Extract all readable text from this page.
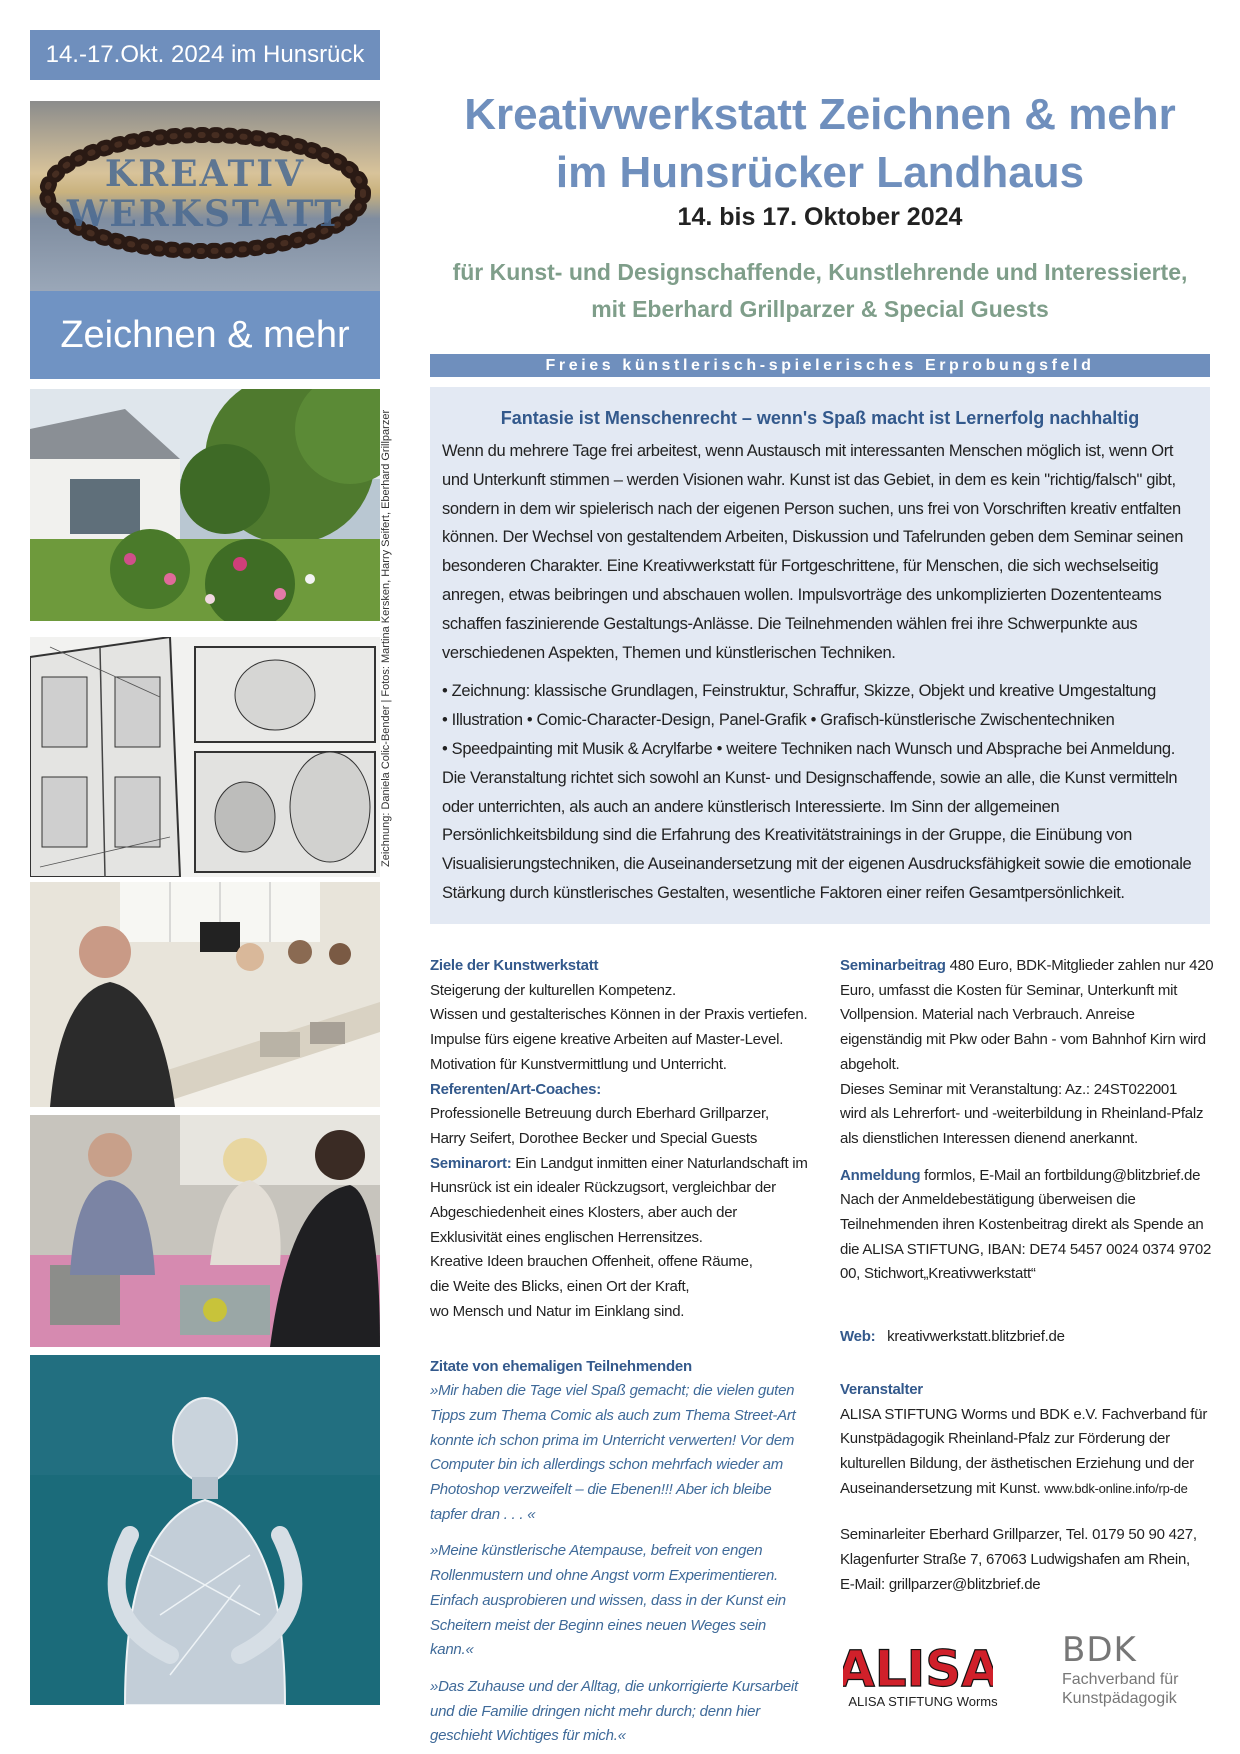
14.-17.Okt. 2024 im Hunsrück
KREATIV
WERKSTATT
Zeichnen & mehr
Zeichnung: Daniela Colic-Bender | Fotos: Martina Kersken, Harry Seifert, Eberhard Grillparzer
Kreativwerkstatt Zeichnen & mehr
im Hunsrücker Landhaus
14. bis 17. Oktober 2024
für Kunst- und Designschaffende, Kunstlehrende und Interessierte,
mit Eberhard Grillparzer & Special Guests
Freies künstlerisch-spielerisches Erprobungsfeld
Fantasie ist Menschenrecht – wenn's Spaß macht ist Lernerfolg nachhaltig

Wenn du mehrere Tage frei arbeitest, wenn Austausch mit interessanten Menschen möglich ist, wenn Ort und Unterkunft stimmen – werden Visionen wahr. Kunst ist das Gebiet, in dem es kein "richtig/falsch" gibt, sondern in dem wir spielerisch nach der eigenen Person suchen, uns frei von Vorschriften kreativ entfalten können. Der Wechsel von gestaltendem Arbeiten, Diskussion und Tafelrunden geben dem Seminar seinen besonderen Charakter. Eine Kreativwerkstatt für Fortgeschrittene, für Menschen, die sich wechselseitig anregen, etwas beibringen und abschauen wollen. Impulsvorträge des unkomplizierten Dozententeams schaffen faszinierende Gestaltungs-Anlässe. Die Teilnehmenden wählen frei ihre Schwerpunkte aus verschiedenen Aspekten, Themen und künstlerischen Techniken.

• Zeichnung: klassische Grundlagen, Feinstruktur, Schraffur, Skizze, Objekt und kreative Umgestaltung

• Illustration • Comic-Character-Design, Panel-Grafik • Grafisch-künstlerische Zwischentechniken

• Speedpainting mit Musik & Acrylfarbe • weitere Techniken nach Wunsch und Absprache bei Anmeldung.

Die Veranstaltung richtet sich sowohl an Kunst- und Designschaffende, sowie an alle, die Kunst vermitteln oder unterrichten, als auch an andere künstlerisch Interessierte. Im Sinn der allgemeinen Persönlichkeitsbildung sind die Erfahrung des Kreativitätstrainings in der Gruppe, die Einübung von Visualisierungstechniken, die Auseinandersetzung mit der eigenen Ausdrucksfähigkeit sowie die emotionale Stärkung durch künstlerisches Gestalten, wesentliche Faktoren einer reifen Gesamtpersönlichkeit.

Ziele der Kunstwerkstatt

Steigerung der kulturellen Kompetenz.

Wissen und gestalterisches Können in der Praxis vertiefen.

Impulse fürs eigene kreative Arbeiten auf Master-Level.

Motivation für Kunstvermittlung und Unterricht.

Referenten/Art-Coaches:

Professionelle Betreuung durch Eberhard Grillparzer,

Harry Seifert, Dorothee Becker und Special Guests

Seminarort: Ein Landgut inmitten einer Naturlandschaft im Hunsrück ist ein idealer Rückzugsort, vergleichbar der Abgeschiedenheit eines Klosters, aber auch der Exklusivität eines englischen Herrensitzes.

Kreative Ideen brauchen Offenheit, offene Räume,

die Weite des Blicks, einen Ort der Kraft,

wo Mensch und Natur im Einklang sind.

Zitate von ehemaligen Teilnehmenden

»Mir haben die Tage viel Spaß gemacht; die vielen guten Tipps zum Thema Comic als auch zum Thema Street-Art konnte ich schon prima im Unterricht verwerten! Vor dem Computer bin ich allerdings schon mehrfach wieder am Photoshop verzweifelt – die Ebenen!!! Aber ich bleibe tapfer dran . . . «

»Meine künstlerische Atempause, befreit von engen Rollenmustern und ohne Angst vorm Experimentieren. Einfach ausprobieren und wissen, dass in der Kunst ein Scheitern meist der Beginn eines neuen Weges sein kann.«

»Das Zuhause und der Alltag, die unkorrigierte Kursarbeit und die Familie dringen nicht mehr durch; denn hier geschieht Wichtiges für mich.«

Seminarbeitrag 480 Euro, BDK-Mitglieder zahlen nur 420 Euro, umfasst die Kosten für Seminar, Unterkunft mit Vollpension. Material nach Verbrauch. Anreise eigenständig mit Pkw oder Bahn - vom Bahnhof Kirn wird abgeholt.

Dieses Seminar mit Veranstaltung: Az.: 24ST022001

wird als Lehrerfort- und -weiterbildung in Rheinland-Pfalz als dienstlichen Interessen dienend anerkannt.

Anmeldung formlos, E-Mail an fortbildung@blitzbrief.de Nach der Anmeldebestätigung überweisen die Teilnehmenden ihren Kostenbeitrag direkt als Spende an die ALISA STIFTUNG, IBAN: DE74 5457 0024 0374 9702 00, Stichwort„Kreativwerkstatt“

Web: kreativwerkstatt.blitzbrief.de

Veranstalter

ALISA STIFTUNG Worms und BDK e.V. Fachverband für Kunstpädagogik Rheinland-Pfalz zur Förderung der kulturellen Bildung, der ästhetischen Erziehung und der Auseinandersetzung mit Kunst. www.bdk-online.info/rp-de

Seminarleiter Eberhard Grillparzer, Tel. 0179 50 90 427,

Klagenfurter Straße 7, 67063 Ludwigshafen am Rhein,

E-Mail: grillparzer@blitzbrief.de

ALISA
ALISA STIFTUNG Worms
BDK
Fachverband für
Kunstpädagogik
